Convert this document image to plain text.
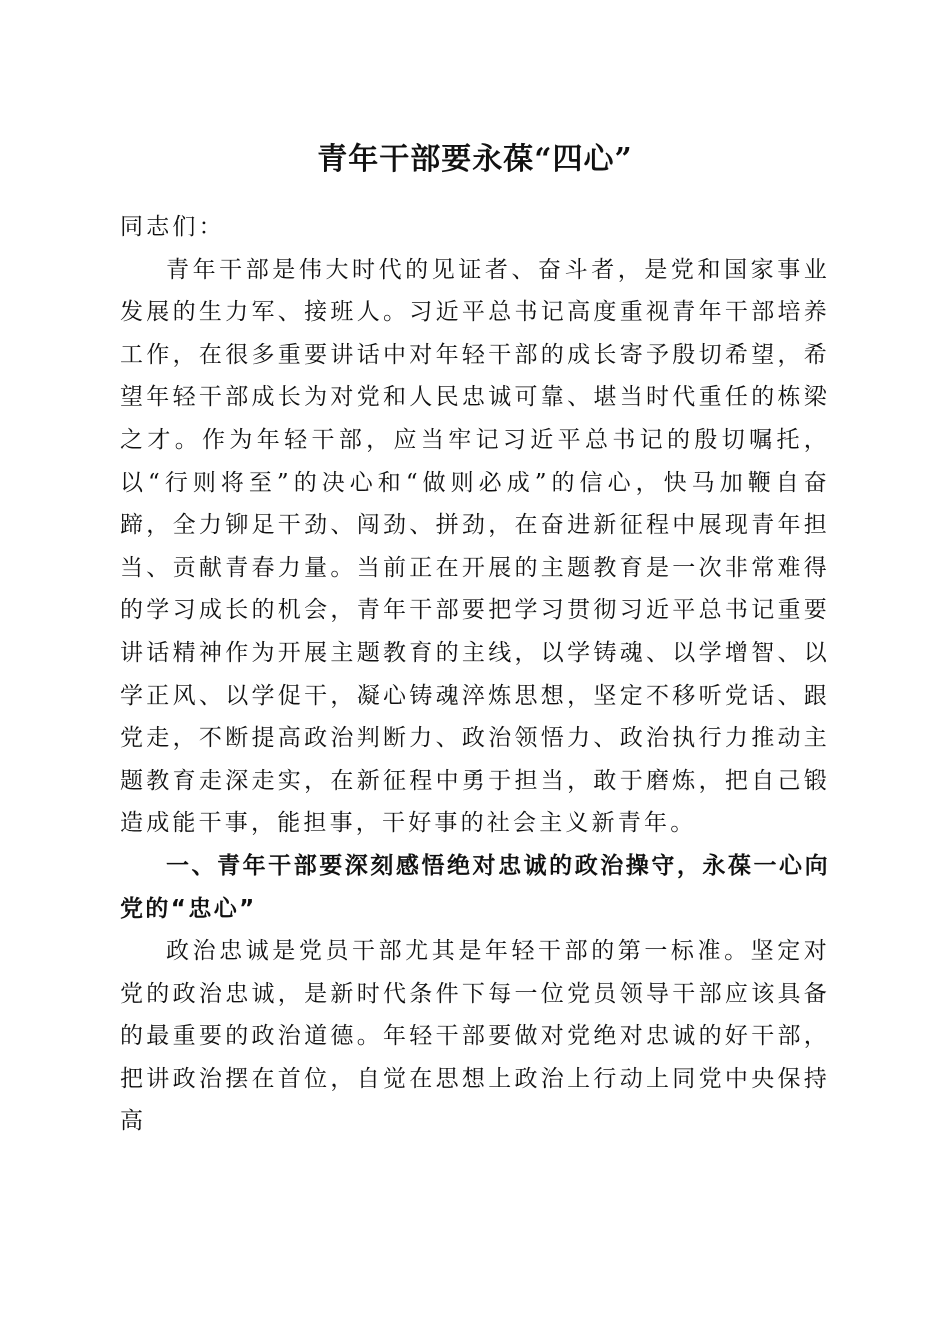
青年干部要永葆“四心”

同志们：

青年干部是伟大时代的见证者、奋斗者，是党和国家事业发展的生力军、接班人。习近平总书记高度重视青年干部培养工作，在很多重要讲话中对年轻干部的成长寄予殷切希望，希望年轻干部成长为对党和人民忠诚可靠、堪当时代重任的栋梁之才。作为年轻干部，应当牢记习近平总书记的殷切嘱托，以“行则将至”的决心和“做则必成”的信心，快马加鞭自奋蹄，全力铆足干劲、闯劲、拼劲，在奋进新征程中展现青年担当、贡献青春力量。当前正在开展的主题教育是一次非常难得的学习成长的机会，青年干部要把学习贯彻习近平总书记重要讲话精神作为开展主题教育的主线，以学铸魂、以学增智、以学正风、以学促干，凝心铸魂淬炼思想，坚定不移听党话、跟党走，不断提高政治判断力、政治领悟力、政治执行力推动主题教育走深走实，在新征程中勇于担当，敢于磨炼，把自己锻造成能干事，能担事，干好事的社会主义新青年。

一、青年干部要深刻感悟绝对忠诚的政治操守，永葆一心向党的“忠心”

政治忠诚是党员干部尤其是年轻干部的第一标准。坚定对党的政治忠诚，是新时代条件下每一位党员领导干部应该具备的最重要的政治道德。年轻干部要做对党绝对忠诚的好干部，把讲政治摆在首位，自觉在思想上政治上行动上同党中央保持高
